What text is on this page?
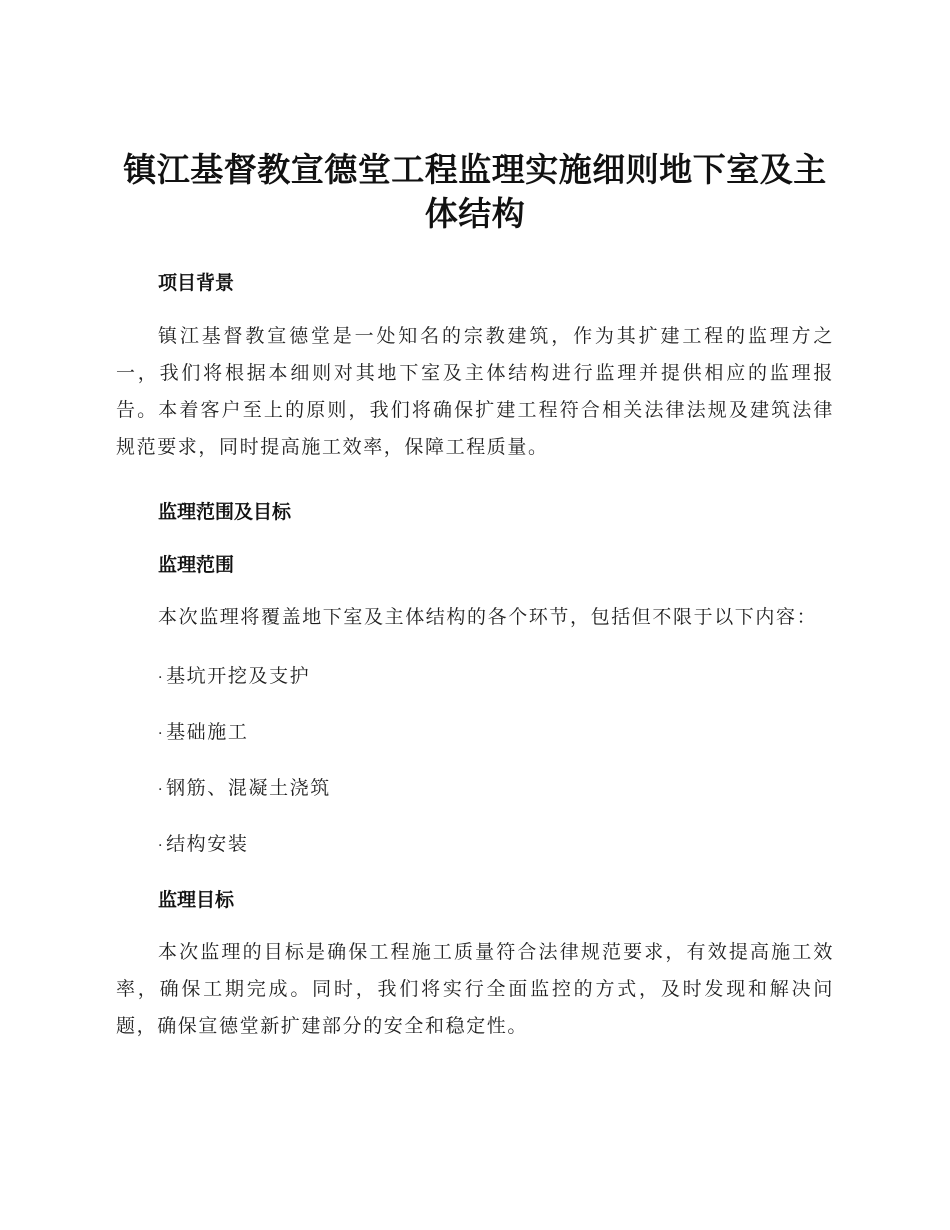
镇江基督教宣德堂工程监理实施细则地下室及主体结构
项目背景

镇江基督教宣德堂是一处知名的宗教建筑，作为其扩建工程的监理方之一，我们将根据本细则对其地下室及主体结构进行监理并提供相应的监理报告。本着客户至上的原则，我们将确保扩建工程符合相关法律法规及建筑法律规范要求，同时提高施工效率，保障工程质量。

监理范围及目标
监理范围

本次监理将覆盖地下室及主体结构的各个环节，包括但不限于以下内容：

· 基坑开挖及支护
· 基础施工
· 钢筋、混凝土浇筑
· 结构安装
监理目标

本次监理的目标是确保工程施工质量符合法律规范要求，有效提高施工效率，确保工期完成。同时，我们将实行全面监控的方式，及时发现和解决问题，确保宣德堂新扩建部分的安全和稳定性。
